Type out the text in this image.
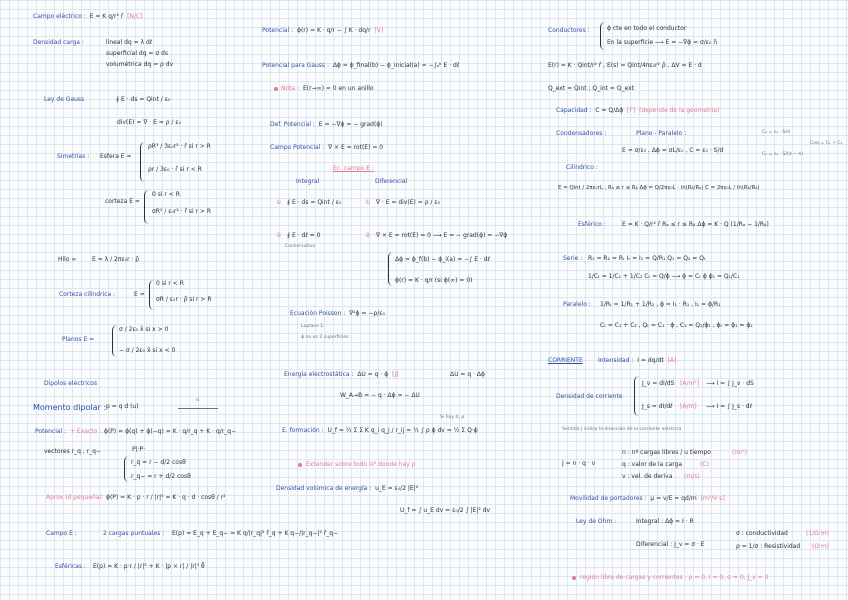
Campo eléctrico : E = K q/r² r̂ [N/C]
Densidad carga :	lineal dq = λ dℓ
superficial dq = σ ds
volumétrica dq = ρ dv
Ley de Gauss	∮ E · ds = Qint / ε₀
div(E) = ∇ · E = ρ / ε₀
Simetrías : Esfera E =
ρR³ / 3ε₀r² · r̂ si r > R
ρr / 3ε₀ · r̂ si r < R
corteza E =
0 si r < R
σR² / ε₀r² · r̂ si r > R
Hilo ∞	E = λ / 2πε₀r · ρ̂
Corteza cilíndrica :	E =
0 si r < R
σR / ε₀r · ρ̂ si r > R
Planos E =
σ / 2ε₀ x̂ si x > 0
− σ / 2ε₀ x̂ si x < 0
Dipolos eléctricos
Momento dipolar : p = q d (u)
d
Potencial : + Exacto : ϕ(P) = ϕ(q) + ϕ(−q) = K · q/r_q + K · q/r_q−
vectores r_q , r_q−	P|·P·
r_q = r − d/2 cosθ
r_q− = r + d/2 cosθ
Aprox (d pequeña) ϕ(P) = K · p · r / |r|³ = K · q · d · cosθ / r²
Campo E :	2 cargas puntuales : E(p) = E_q + E_q− = K q/|r_q|² r̂_q + K q−/|r_q−|² r̂_q−
Esféricas : E(p) = K · p·r / |r|³ + K · |p × r| / |r|³ θ̂
Potencial : ϕ(r) = K · q/r − ∫ K · dq/r [V]
Potencial para Gauss : Δϕ = ϕ_final(b) − ϕ_inicial(a) = −∫ₐᵇ E · dℓ
Nota : E(r→∞) = 0 en un anillo
Def. Potencial : E = −∇ϕ = − grad(ϕ)
Campo Potencial : ∇ × E = rot(E) = 0
Ec. campo E :
Integral	Diferencial
① ∮ E · ds = Qint / ε₀	① ∇ · E = div(E) = ρ / ε₀
② ∮ E · dℓ = 0
Conservativo
② ∇ × E = rot(E) = 0 ⟶ E = − grad(ϕ) = −∇ϕ
Δϕ = ϕ_f(b) − ϕ_i(a) = −∫ E · dℓ
ϕ(r) = K · q/r (si ϕ(∞) = 0)
Ecuación Poisson : ∇²ϕ = −ρ/ε₀
Laplace 1:
ϕ no es 2 superficies
Energía electrostática : ΔU = q · ϕ [J]	ΔU = q · Δϕ
W_A→B = − q · Δϕ = − ΔU
E. formación : U_f = ½ Σ Σ K q_i q_j / r_ij = ½ ∫ ρ ϕ dv = ½ Σ Q·ϕ
Si hay σ, ρ
Extender sobre todo ℝ³ donde hay ρ
Densidad volúmica de energía : u_E = ε₀/2 |E|²
U_f = ∫ u_E dv = ε₀/2 ∫ |E|² dv
Conductores :	ϕ cte en todo el conductor
En la superficie ⟶ E = −∇ϕ = σ/ε₀ n̂
E(r) = K · Qint/r² r̂ , E(s) = Qint/4πε₀r² ρ̂ , ΔV = E · d
Q_ext = Qint ; Q_int = Q_ext
Capacidad : C = Q/Δϕ [F] (depende de la geometría)
Condensadores :	Plano - Paralelo :
E = σ/ε₀ , Δϕ = σL/ε₀ , C = ε₀ · S/d
C₁ = ε₀ · S/d
C₂ = ε₀ · S/(d − e)
Ceq = C₁ + C₂
Cilíndrico :
E = Qint / 2πε₀rL , Rₐ ≤ r ≤ Rᵦ Δϕ = Q/2πε₀L · ln(Rᵦ/Rₐ) C = 2πε₀L / ln(Rᵦ/Rₐ)
Esférico :	E = K · Q/r² r̂ Rₐ ≤ r ≤ Rᵦ Δϕ = K · Q (1/Rₐ − 1/Rᵦ)
Serie : R₁ = R₂ = Rₜ Iₜ = I₁ = Q/R₁ Q₁ = Q₂ = Qₜ
1/Cₜ = 1/C₁ + 1/C₂ Cₜ = Q/ϕ ⟶ ϕ = Cₜ ϕ ϕ₁ = Q₁/C₁
Paralelo : 1/Rₜ = 1/R₁ + 1/R₂ , ϕ = I₁ · R₁ , I₁ = ϕ/R₁
Cₜ = C₁ + C₂ , Qₜ = C₁ · ϕ , C₁ = Q₁/ϕ₁ , ϕₜ = ϕ₁ = ϕ₂
CORRIENTE	Intensidad : I = dq/dt [A]
Densidad de corriente
J_v = dI/dS [A/m²] ⟶ I = ∫ J_v · dS
J_s = dI/dℓ [A/m] ⟶ I = ∫ J_s · dℓ
Sentido J indica la dirección de la corriente eléctrica
J = n · q · v
n : nº cargas libres / u tiempo	(/m³)
q : valor de la carga	(C)
v : vel. de deriva (m/s)
Movilidad de portadores : μ = v/E = qd/m [m²/V·s]
Ley de Ohm :	Integral : Δϕ = I · R
Diferencial : J_v = σ · E
σ : conductividad	(1/Ω·m)
ρ = 1/σ : Resistividad (Ω·m)
región libre de cargas y corrientes : ρ = 0, I = 0, σ = 0, J_v = 0
